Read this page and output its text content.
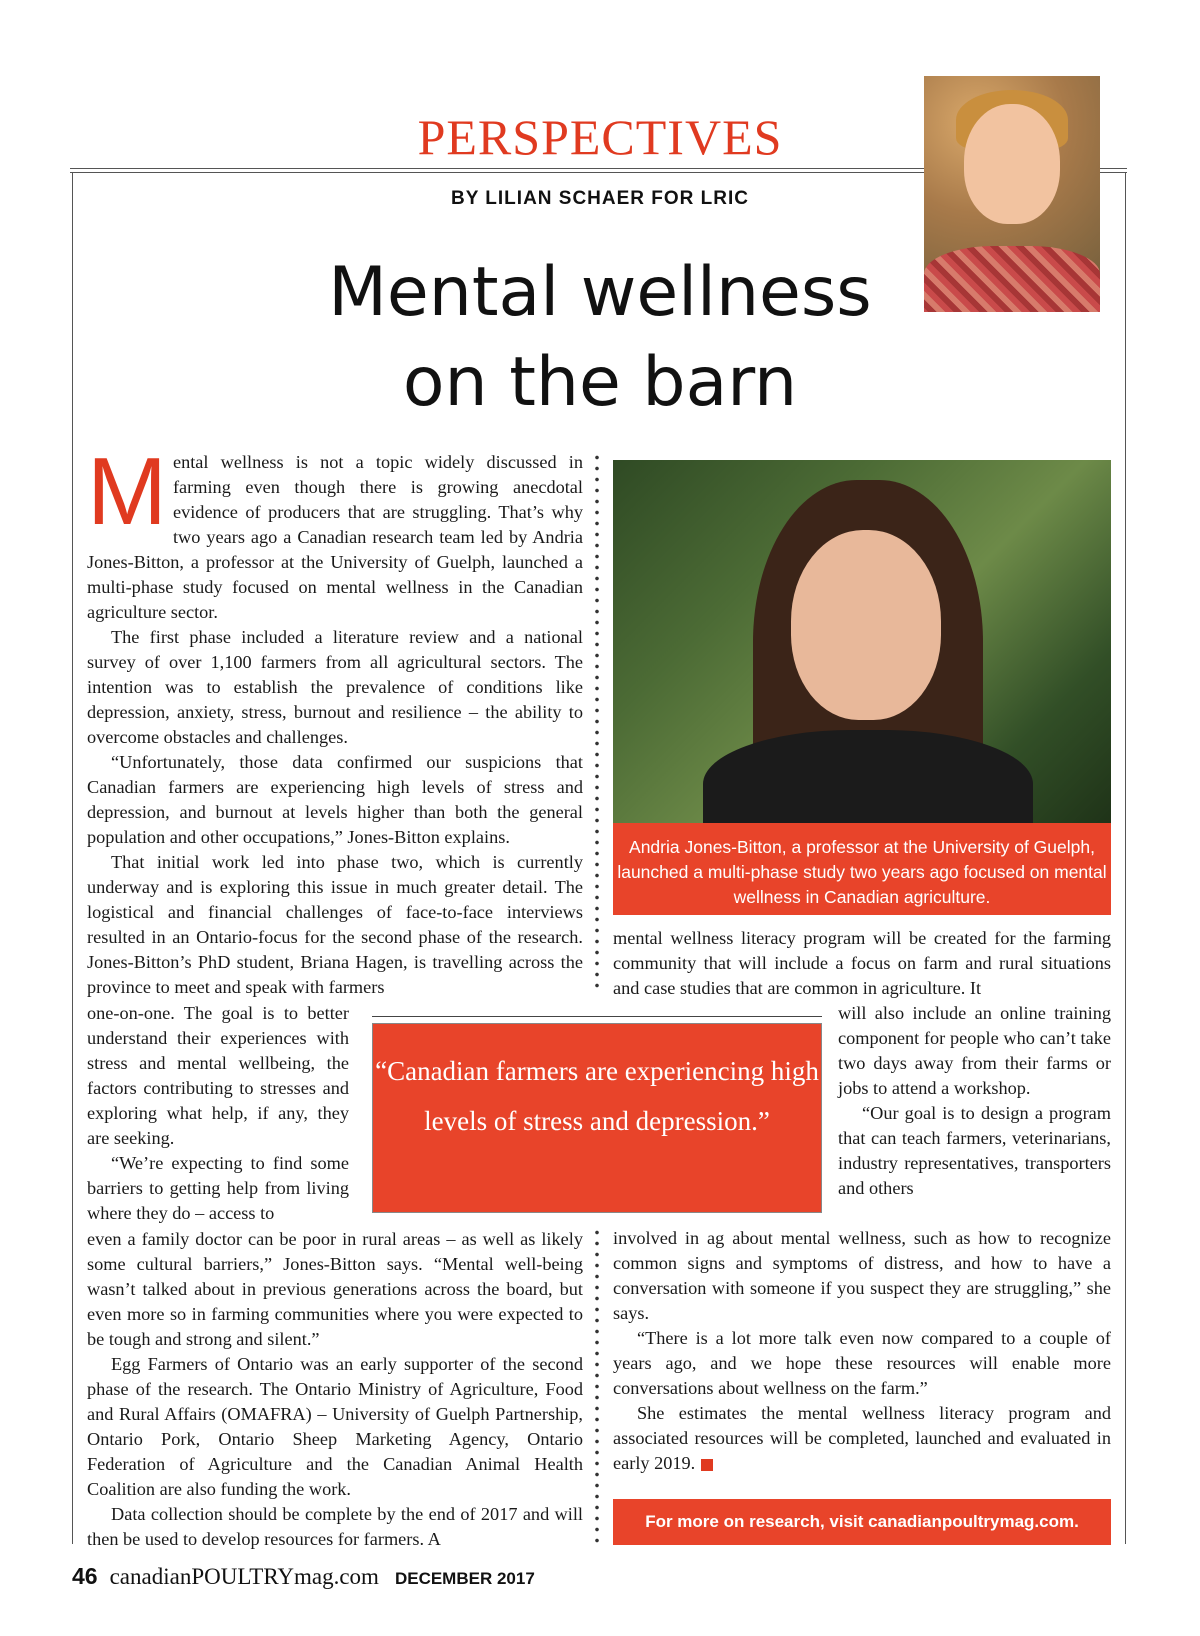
PERSPECTIVES
BY LILIAN SCHAER FOR LRIC
Mental wellness
on the barn

Mental wellness is not a topic widely discussed in farming even though there is growing anecdotal evidence of producers that are struggling. That’s why two years ago a Canadian research team led by Andria Jones-Bitton, a professor at the University of Guelph, launched a multi-phase study focused on mental wellness in the Canadian agriculture sector.

The first phase included a literature review and a national survey of over 1,100 farmers from all agricultural sectors. The intention was to establish the prevalence of conditions like depression, anxiety, stress, burnout and resilience – the ability to overcome obstacles and challenges.

“Unfortunately, those data confirmed our suspicions that Canadian farmers are experiencing high levels of stress and depression, and burnout at levels higher than both the general population and other occupations,” Jones-Bitton explains.

That initial work led into phase two, which is currently underway and is exploring this issue in much greater detail. The logistical and financial challenges of face-to-face interviews resulted in an Ontario-focus for the second phase of the research. Jones-Bitton’s PhD student, Briana Hagen, is travelling across the province to meet and speak with farmers

one-on-one. The goal is to better understand their experiences with stress and mental wellbeing, the factors contributing to stresses and exploring what help, if any, they are seeking.

“We’re expecting to find some barriers to getting help from living where they do – access to

even a family doctor can be poor in rural areas – as well as likely some cultural barriers,” Jones-Bitton says. “Mental well-being wasn’t talked about in previous generations across the board, but even more so in farming communities where you were expected to be tough and strong and silent.”

Egg Farmers of Ontario was an early supporter of the second phase of the research. The Ontario Ministry of Agriculture, Food and Rural Affairs (OMAFRA) – University of Guelph Partnership, Ontario Pork, Ontario Sheep Marketing Agency, Ontario Federation of Agriculture and the Canadian Animal Health Coalition are also funding the work.

Data collection should be complete by the end of 2017 and will then be used to develop resources for farmers. A

Andria Jones-Bitton, a professor at the University of Guelph, launched a multi-phase study two years ago focused on mental wellness in Canadian agriculture.

mental wellness literacy program will be created for the farming community that will include a focus on farm and rural situations and case studies that are common in agriculture. It

will also include an online training component for people who can’t take two days away from their farms or jobs to attend a workshop.

“Our goal is to design a program that can teach farmers, veterinarians, industry representatives, transporters and others

involved in ag about mental wellness, such as how to recognize common signs and symptoms of distress, and how to have a conversation with someone if you suspect they are struggling,” she says.

“There is a lot more talk even now compared to a couple of years ago, and we hope these resources will enable more conversations about wellness on the farm.”

She estimates the mental wellness literacy program and associated resources will be completed, launched and evaluated in early 2019.

“Canadian farmers are experiencing high levels of stress and depression.”
For more on research, visit canadianpoultrymag.com.
46 canadianPOULTRYmag.com DECEMBER 2017
